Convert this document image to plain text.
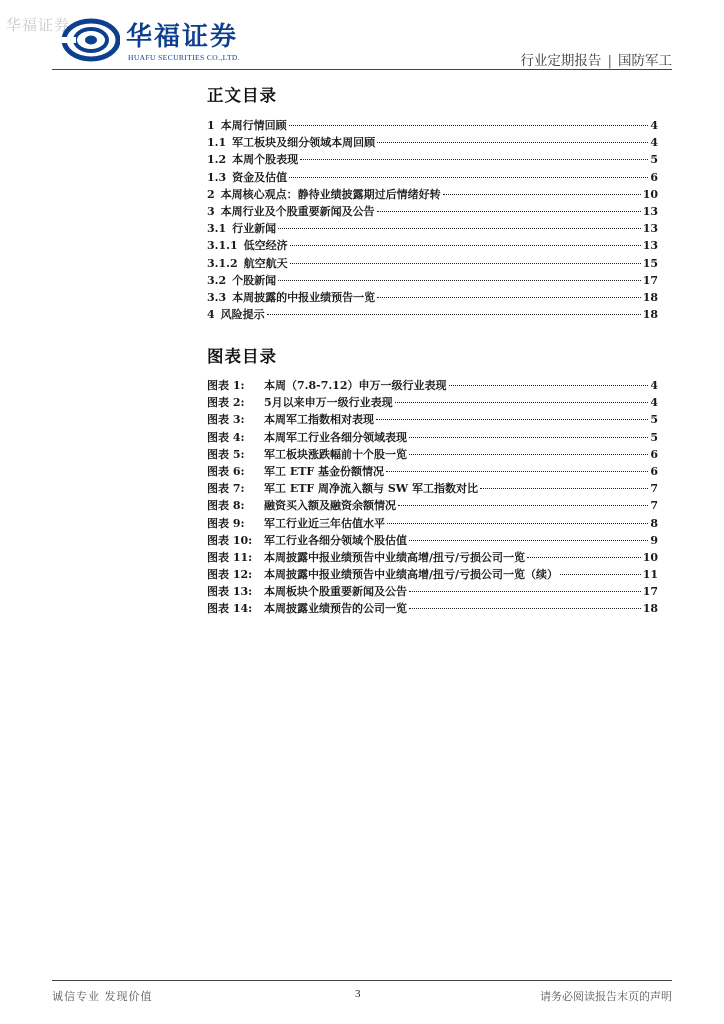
华福证券 华福证券
HUAFU SECURITIES CO.,LTD.	行业定期报告 | 国防军工
正文目录
1 本周行情回顾	4
1.1 军工板块及细分领域本周回顾	4
1.2 本周个股表现	5
1.3 资金及估值	6
2 本周核心观点：静待业绩披露期过后情绪好转	10
3 本周行业及个股重要新闻及公告	13
3.1 行业新闻	13
3.1.1 低空经济	13
3.1.2 航空航天	15
3.2 个股新闻	17
3.3 本周披露的中报业绩预告一览	18
4 风险提示	18
图表目录
图表 1:	本周（7.8-7.12）申万一级行业表现	4
图表 2:	5月以来申万一级行业表现	4
图表 3:	本周军工指数相对表现	5
图表 4:	本周军工行业各细分领域表现	5
图表 5:	军工板块涨跌幅前十个股一览	6
图表 6:	军工 ETF 基金份额情况	6
图表 7:	军工 ETF 周净流入额与 SW 军工指数对比	7
图表 8:	融资买入额及融资余额情况	7
图表 9:	军工行业近三年估值水平	8
图表 10:	军工行业各细分领域个股估值	9
图表 11:	本周披露中报业绩预告中业绩高增/扭亏/亏损公司一览	10
图表 12:	本周披露中报业绩预告中业绩高增/扭亏/亏损公司一览（续）	11
图表 13:	本周板块个股重要新闻及公告	17
图表 14:	本周披露业绩预告的公司一览	18
诚信专业 发现价值	3	请务必阅读报告末页的声明
